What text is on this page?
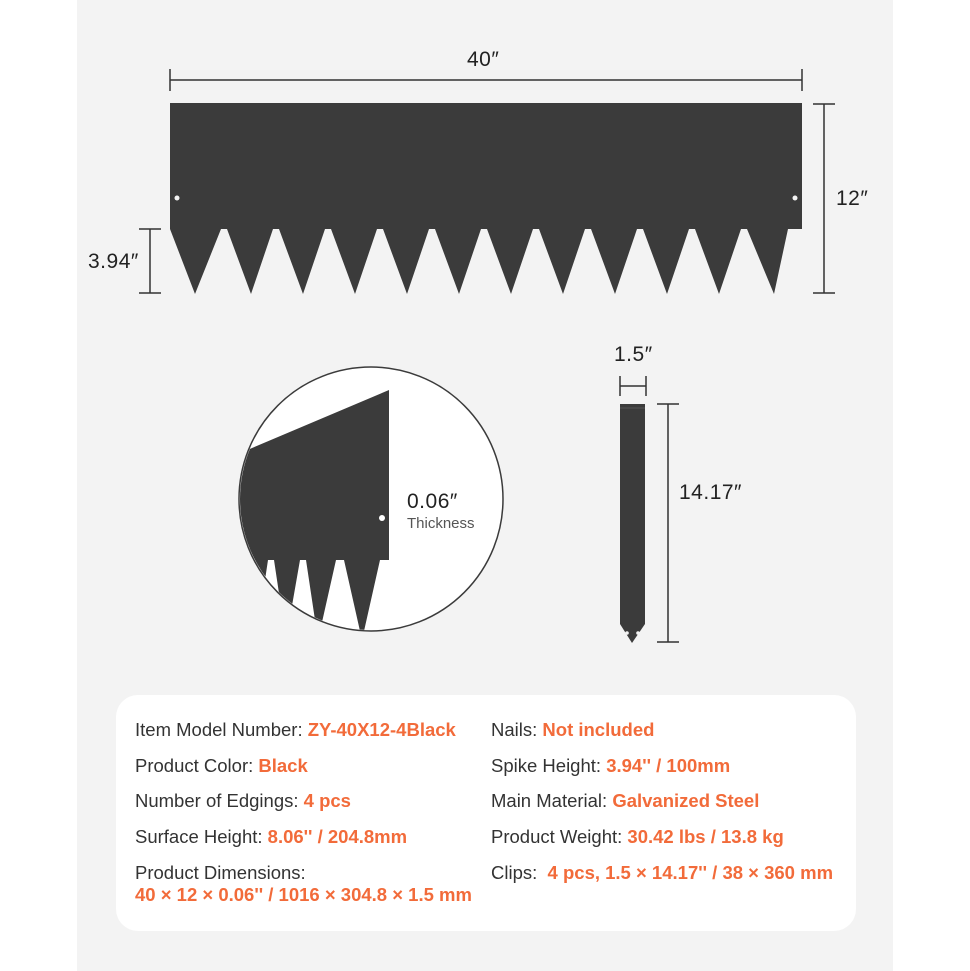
40″
12″
3.94″
0.06″
Thickness
1.5″
14.17″
Item Model Number: ZY-40X12-4Black
Product Color: Black
Number of Edgings: 4 pcs
Surface Height: 8.06'' / 204.8mm
Product Dimensions:
40 × 12 × 0.06'' / 1016 × 304.8 × 1.5 mm
Nails: Not included
Spike Height: 3.94'' / 100mm
Main Material: Galvanized Steel
Product Weight: 30.42 lbs / 13.8 kg
Clips:  4 pcs, 1.5 × 14.17'' / 38 × 360 mm
